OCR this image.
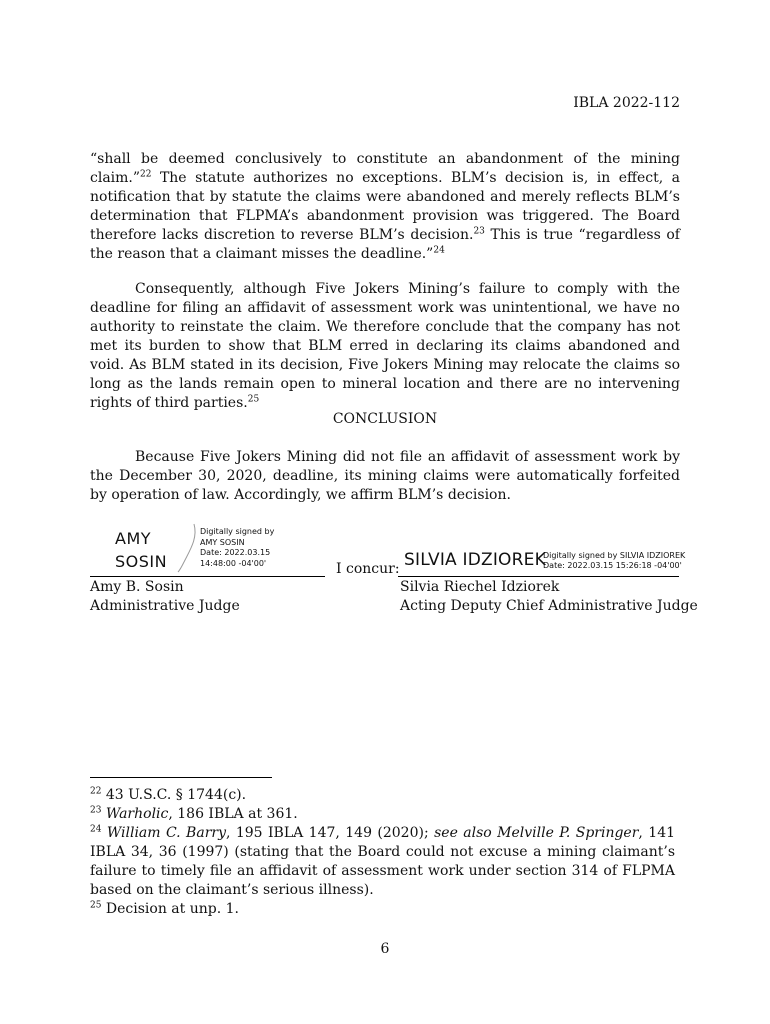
IBLA 2022-112
“shall be deemed conclusively to constitute an abandonment of the mining claim.”$^{22}$ The statute authorizes no exceptions. BLM’s decision is, in effect, a notification that by statute the claims were abandoned and merely reflects BLM’s determination that FLPMA’s abandonment provision was triggered. The Board therefore lacks discretion to reverse BLM’s decision.$^{23}$ This is true “regardless of the reason that a claimant misses the deadline.”$^{24}$
Consequently, although Five Jokers Mining’s failure to comply with the deadline for filing an affidavit of assessment work was unintentional, we have no authority to reinstate the claim. We therefore conclude that the company has not met its burden to show that BLM erred in declaring its claims abandoned and void. As BLM stated in its decision, Five Jokers Mining may relocate the claims so long as the lands remain open to mineral location and there are no intervening rights of third parties.$^{25}$
CONCLUSION
Because Five Jokers Mining did not file an affidavit of assessment work by the December 30, 2020, deadline, its mining claims were automatically forfeited by operation of law. Accordingly, we affirm BLM’s decision.
AMY
SOSIN
Digitally signed by
AMY SOSIN
Date: 2022.03.15
14:48:00 -04'00'	I concur: SILVIA IDZIOREK
Digitally signed by SILVIA IDZIOREK
Date: 2022.03.15 15:26:18 -04'00'
Amy B. Sosin
Administrative Judge
Silvia Riechel Idziorek
Acting Deputy Chief Administrative Judge

$^{22}$ 43 U.S.C. § 1744(c).

$^{23}$ Warholic, 186 IBLA at 361.

$^{24}$ William C. Barry, 195 IBLA 147, 149 (2020); see also Melville P. Springer, 141 IBLA 34, 36 (1997) (stating that the Board could not excuse a mining claimant’s failure to timely file an affidavit of assessment work under section 314 of FLPMA based on the claimant’s serious illness).

$^{25}$ Decision at unp. 1.

6
